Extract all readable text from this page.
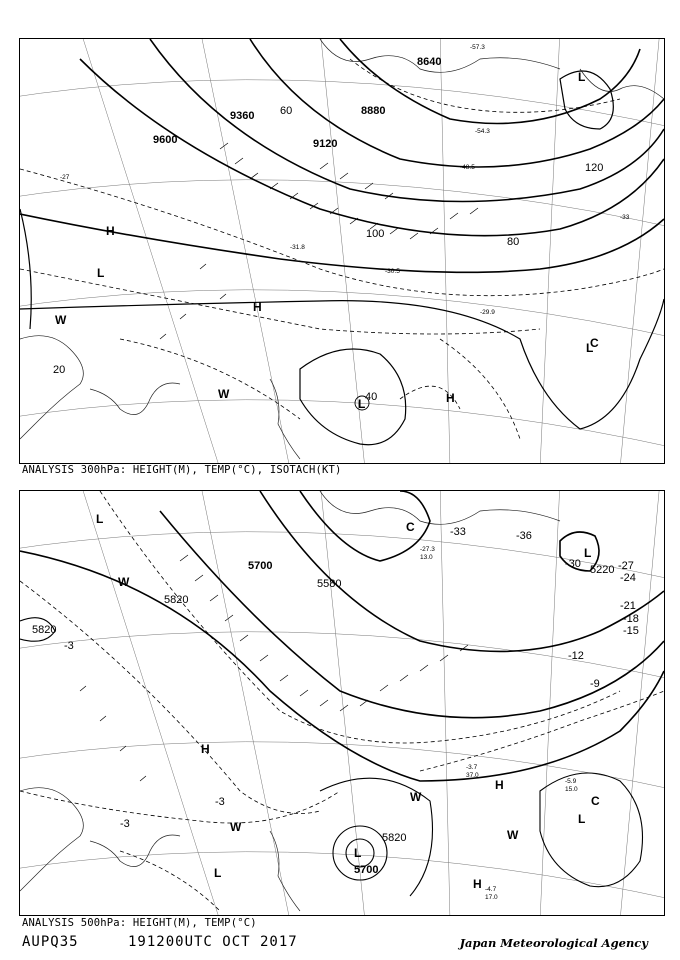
9600
9360
9120
8880
8640
20
40
60
80
100
120
-27
-29.9
-30.5
-31.8
-33
-48.5
-54.3
-57.3
H
L
W
H
W	H
L
L
L
C
ANALYSIS 300hPa: HEIGHT(M), TEMP(°C), ISOTACH(KT)
5820
5700
5580
5820
5700
5220
5820
-3
-9
-12
-15
-18
-21
-24
-27
-30
-33	-36
-3
-3
-3.7
37.0
-5.9
15.0
-4.7
17.0
-27.3
13.0
W
H
W
L
H
W
W
H
L
C
L
C
L
L
ANALYSIS 500hPa: HEIGHT(M), TEMP(°C)
AUPQ35	191200UTC OCT 2017	Japan Meteorological Agency
